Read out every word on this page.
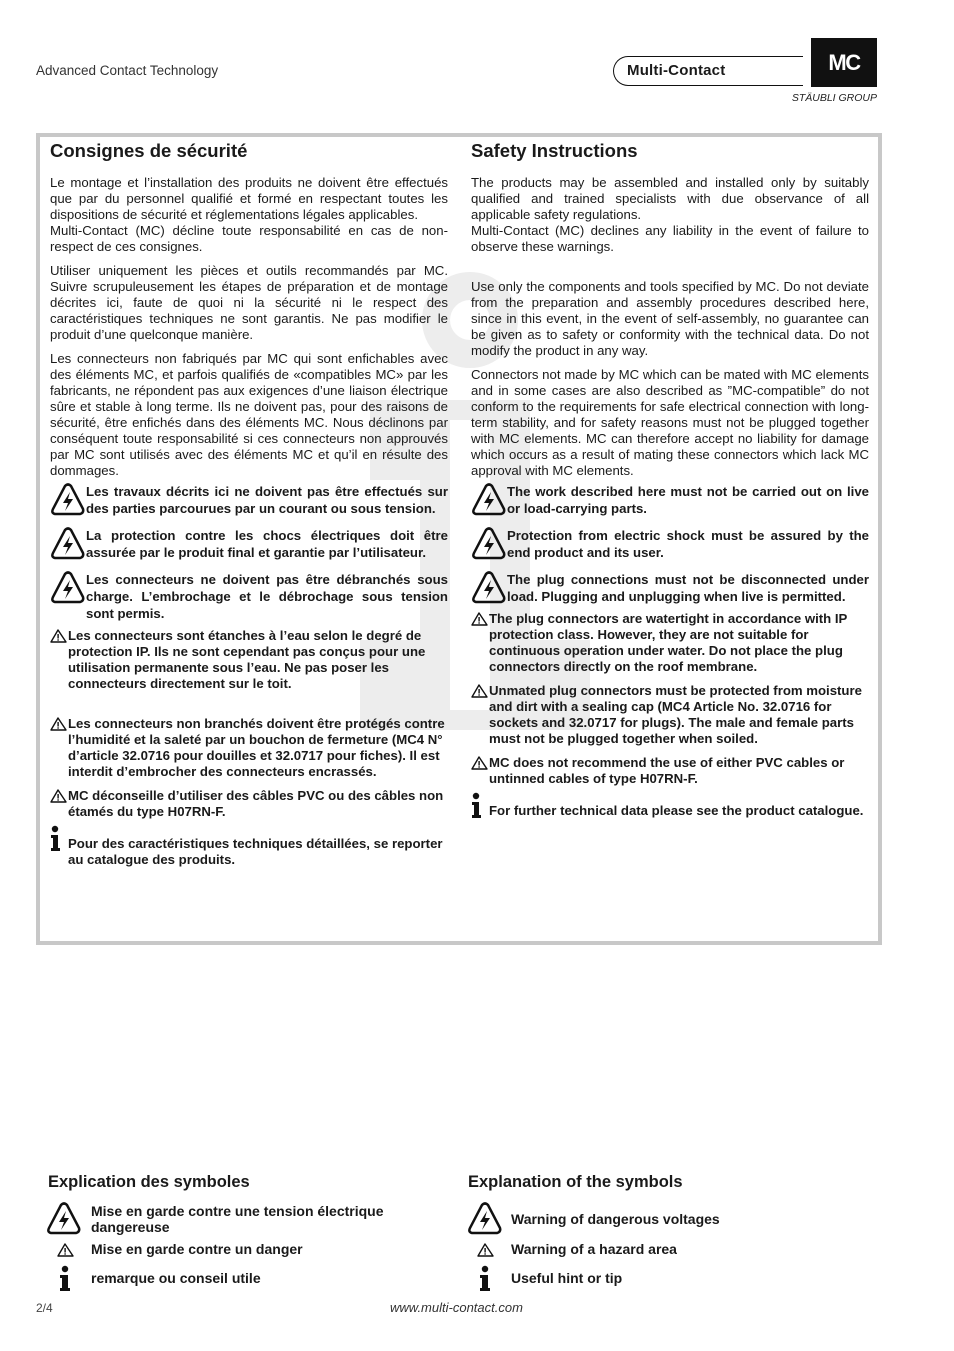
Advanced Contact Technology	Multi-Contact	MC
STÄUBLI GROUP
Consignes de sécurité

Le montage et l’installation des produits ne doivent être effectués que par du personnel qualifié et formé en respectant toutes les dispositions de sécurité et réglementations légales applicables.

Multi-Contact (MC) décline toute responsabilité en cas de non-respect de ces consignes.

Utiliser uniquement les pièces et outils recommandés par MC. Suivre scrupuleusement les étapes de préparation et de montage décrites ici, faute de quoi ni la sécurité ni le respect des caractéristiques techniques ne sont garantis. Ne pas modifier le produit d’une quelconque manière.

Les connecteurs non fabriqués par MC qui sont enfichables avec des éléments MC, et parfois qualifiés de «compatibles MC» par les fabricants, ne répondent pas aux exigences d’une liaison électrique sûre et stable à long terme. Ils ne doivent pas, pour des raisons de sécurité, être enfichés dans des éléments MC. Nous déclinons par conséquent toute responsabilité si ces connecteurs non approuvés par MC sont utilisés avec des éléments MC et qu’il en résulte des dommages.

Les travaux décrits ici ne doivent pas être effectués sur des parties parcourues par un courant ou sous tension.
La protection contre les chocs électriques doit être assurée par le produit final et garantie par l’utilisateur.
Les connecteurs ne doivent pas être débranchés sous charge. L’embrochage et le débrochage sous tension sont permis.
Les connecteurs sont étanches à l’eau selon le degré de protection IP. Ils ne sont cependant pas conçus pour une utilisation permanente sous l’eau. Ne pas poser les connecteurs directement sur le toit.
Les connecteurs non branchés doivent être protégés contre l’humidité et la saleté par un bouchon de fermeture (MC4 N° d’article 32.0716 pour douilles et 32.0717 pour fiches). Il est interdit d’embrocher des connecteurs encrassés.
MC déconseille d’utiliser des câbles PVC ou des câbles non étamés du type H07RN-F.
Pour des caractéristiques techniques détaillées, se reporter au catalogue des produits.
Safety Instructions

The products may be assembled and installed only by suitably qualified and trained specialists with due observance of all applicable safety regulations.

Multi-Contact (MC) declines any liability in the event of failure to observe these warnings.

Use only the components and tools specified by MC. Do not deviate from the preparation and assembly procedures described here, since in this event, in the event of self-assembly, no guarantee can be given as to safety or conformity with the technical data. Do not modify the product in any way.

Connectors not made by MC which can be mated with MC elements and in some cases are also described as ”MC-compatible” do not conform to the requirements for safe electrical connection with long-term stability, and for safety reasons must not be plugged together with MC elements. MC can therefore accept no liability for damage which occurs as a result of mating these connectors which lack MC approval with MC elements.

The work described here must not be carried out on live or load-carrying parts.
Protection from electric shock must be assured by the end product and its user.
The plug connections must not be disconnected under load. Plugging and unplugging when live is permitted.
The plug connectors are watertight in accordance with IP protection class. However, they are not suitable for continuous operation under water. Do not place the plug connectors directly on the roof membrane.
Unmated plug connectors must be protected from moisture and dirt with a sealing cap (MC4 Article No. 32.0716 for sockets and 32.0717 for plugs). The male and female parts must not be plugged together when soiled.
MC does not recommend the use of either PVC cables or untinned cables of type H07RN-F.
For further technical data please see the product catalogue.
Explication des symboles	Explanation of the symbols
Mise en garde contre une tension électrique dangereuse
Mise en garde contre un danger
remarque ou conseil utile
Warning of dangerous voltages
Warning of a hazard area
Useful hint or tip
2/4	www.multi-contact.com
